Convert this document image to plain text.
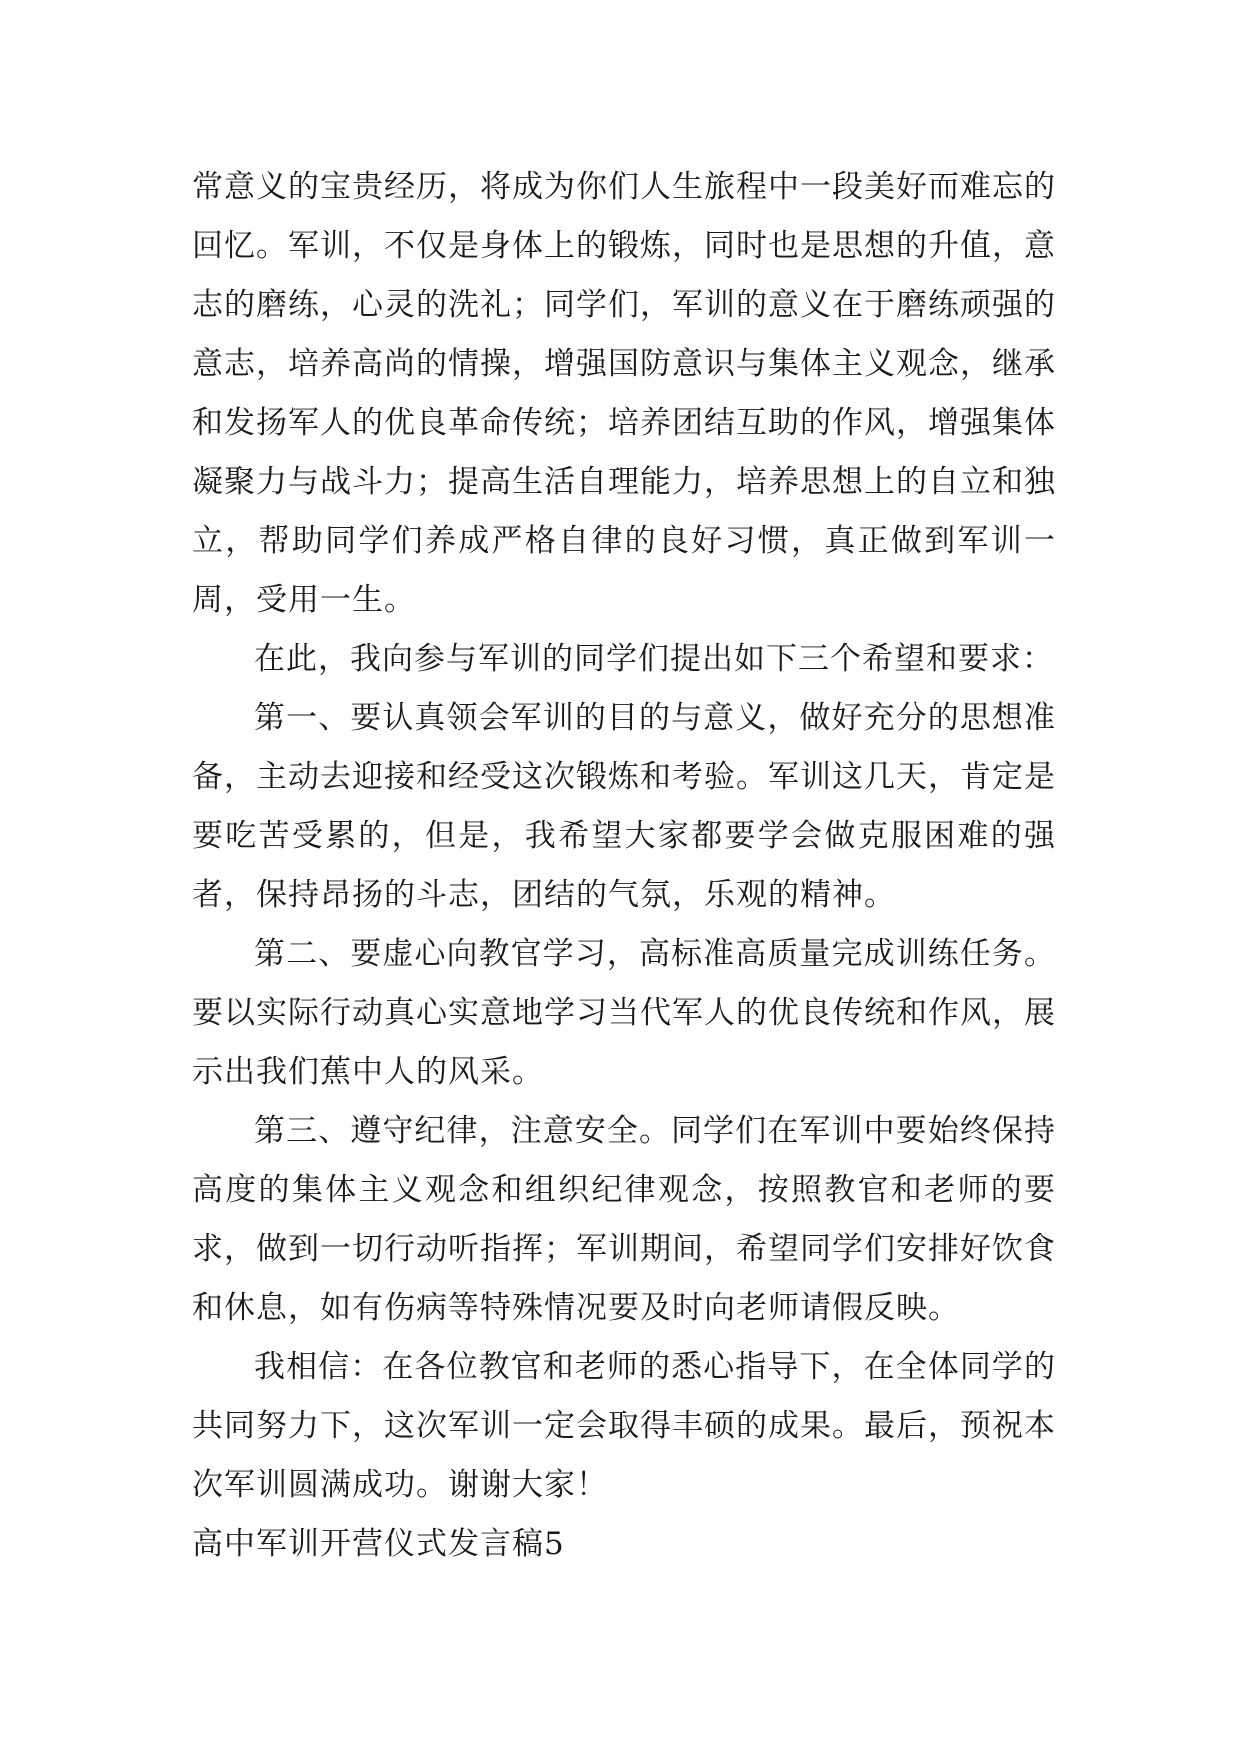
常意义的宝贵经历，将成为你们人生旅程中一段美好而难忘的回忆。军训，不仅是身体上的锻炼，同时也是思想的升值，意志的磨练，心灵的洗礼；同学们，军训的意义在于磨练顽强的意志，培养高尚的情操，增强国防意识与集体主义观念，继承和发扬军人的优良革命传统；培养团结互助的作风，增强集体凝聚力与战斗力；提高生活自理能力，培养思想上的自立和独立，帮助同学们养成严格自律的良好习惯，真正做到军训一周，受用一生。

在此，我向参与军训的同学们提出如下三个希望和要求：

第一、要认真领会军训的目的与意义，做好充分的思想准备，主动去迎接和经受这次锻炼和考验。军训这几天，肯定是要吃苦受累的，但是，我希望大家都要学会做克服困难的强者，保持昂扬的斗志，团结的气氛，乐观的精神。

第二、要虚心向教官学习，高标准高质量完成训练任务。要以实际行动真心实意地学习当代军人的优良传统和作风，展示出我们蕉中人的风采。

第三、遵守纪律，注意安全。同学们在军训中要始终保持高度的集体主义观念和组织纪律观念，按照教官和老师的要求，做到一切行动听指挥；军训期间，希望同学们安排好饮食和休息，如有伤病等特殊情况要及时向老师请假反映。

我相信：在各位教官和老师的悉心指导下，在全体同学的共同努力下，这次军训一定会取得丰硕的成果。最后，预祝本次军训圆满成功。谢谢大家！

高中军训开营仪式发言稿5
